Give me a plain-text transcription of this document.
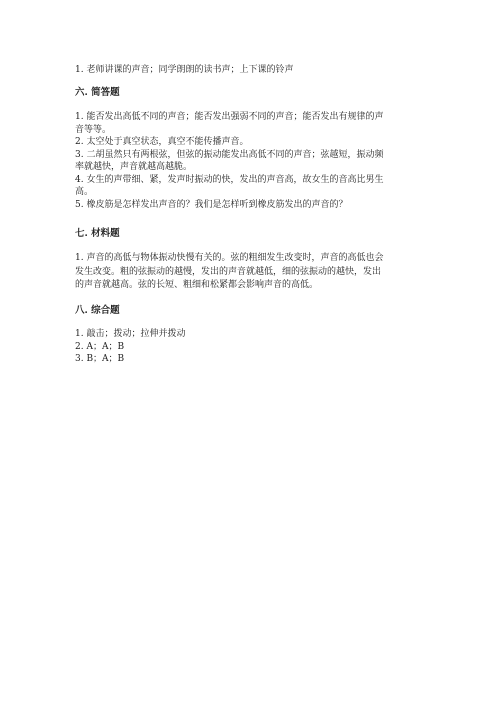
1. 老师讲课的声音；同学朗朗的读书声；上下课的铃声

六. 简答题

1. 能否发出高低不同的声音；能否发出强弱不同的声音；能否发出有规律的声

音等等。

2. 太空处于真空状态，真空不能传播声音。

3. 二胡虽然只有两根弦，但弦的振动能发出高低不同的声音；弦越短，振动频

率就越快，声音就越高越脆。

4. 女生的声带细、紧，发声时振动的快，发出的声音高，故女生的音高比男生

高。

5. 橡皮筋是怎样发出声音的？我们是怎样听到橡皮筋发出的声音的？

七. 材料题

1. 声音的高低与物体振动快慢有关的。弦的粗细发生改变时，声音的高低也会

发生改变。粗的弦振动的越慢，发出的声音就越低，细的弦振动的越快，发出

的声音就越高。弦的长短、粗细和松紧都会影响声音的高低。

八. 综合题

1. 敲击；拨动；拉伸并拨动

2. A；A；B

3. B；A；B
